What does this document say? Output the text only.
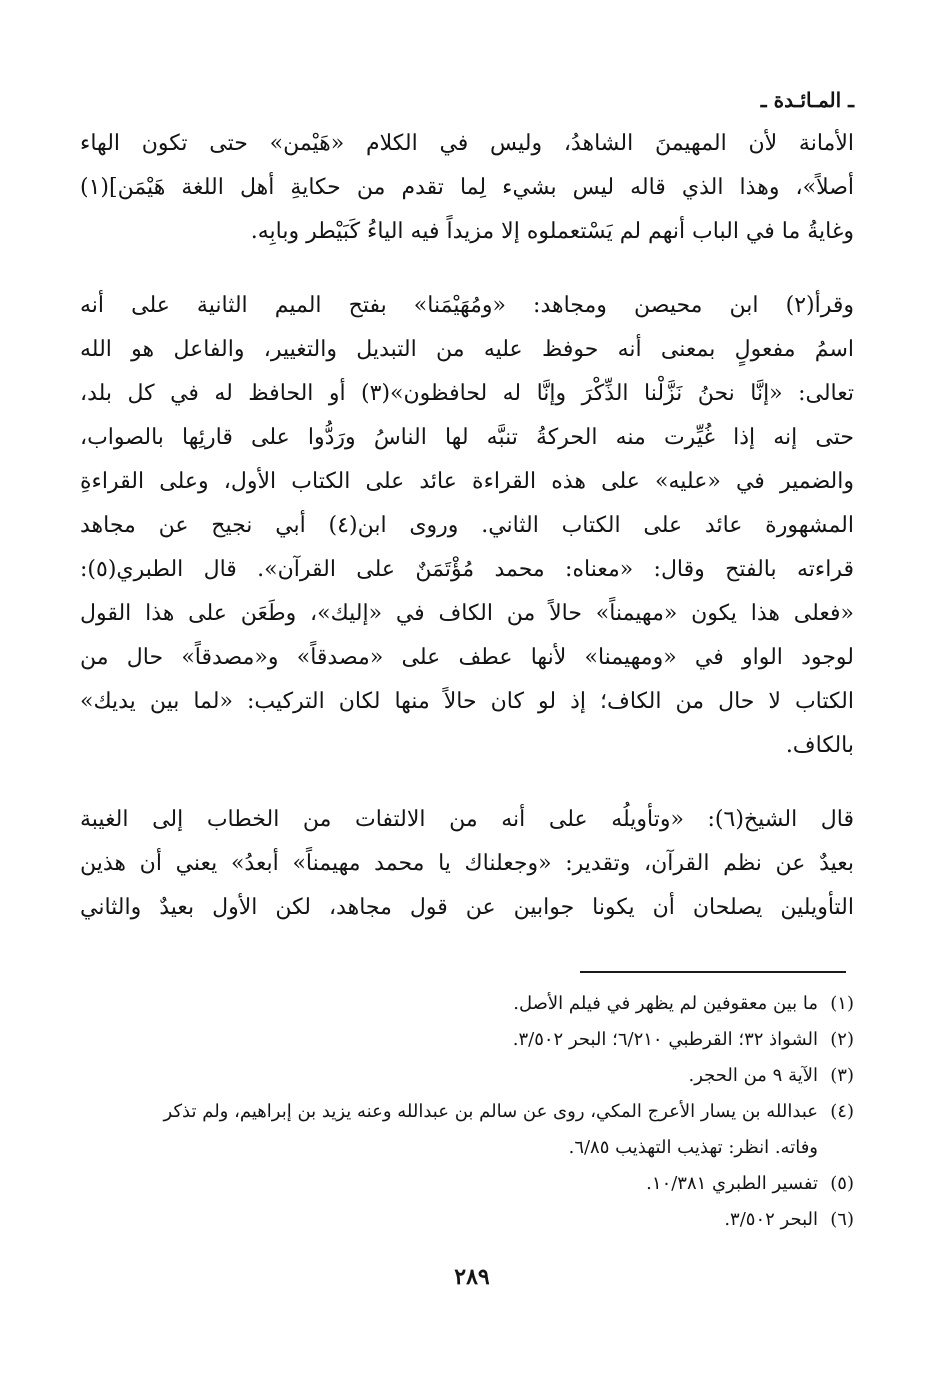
ـ المـائـدة ـ
الأمانة لأن المهيمنَ الشاهدُ، وليس في الكلام «هَيْمن» حتى تكون الهاء
أصلاً»، وهذا الذي قاله ليس بشيء لِما تقدم من حكايةِ أهل اللغة هَيْمَن](١)
وغايةُ ما في الباب أنهم لم يَسْتعملوه إلا مزيداً فيه الياءُ كَبَيْطر وبابِه.
وقرأ(٢) ابن محيصن ومجاهد: «ومُهَيْمَنا» بفتح الميم الثانية على أنه
اسمُ مفعولٍ بمعنى أنه حوفظ عليه من التبديل والتغيير، والفاعل هو الله
تعالى: «إنَّا نحنُ نَزَّلْنا الذِّكْرَ وإنَّا له لحافظون»(٣) أو الحافظ له في كل بلد،
حتى إنه إذا غُيِّرت منه الحركةُ تنبَّه لها الناسُ ورَدُّوا على قارئِها بالصواب،
والضمير في «عليه» على هذه القراءة عائد على الكتاب الأول، وعلى القراءةِ
المشهورة عائد على الكتاب الثاني. وروى ابن(٤) أبي نجيح عن مجاهد
قراءته بالفتح وقال: «معناه: محمد مُؤْتَمَنٌ على القرآن». قال الطبري(٥):
«فعلى هذا يكون «مهيمناً» حالاً من الكاف في «إليك»، وطَعَن على هذا القول
لوجود الواو في «ومهيمنا» لأنها عطف على «مصدقاً» و«مصدقاً» حال من
الكتاب لا حال من الكاف؛ إذ لو كان حالاً منها لكان التركيب: «لما بين يديك»
بالكاف.
قال الشيخ(٦): «وتأويلُه على أنه من الالتفات من الخطاب إلى الغيبة
بعيدٌ عن نظم القرآن، وتقدير: «وجعلناك يا محمد مهيمناً» أبعدُ» يعني أن هذين
التأويلين يصلحان أن يكونا جوابين عن قول مجاهد، لكن الأول بعيدٌ والثاني
(١)ما بين معقوفين لم يظهر في فيلم الأصل.
(٢)الشواذ ٣٢؛ القرطبي ٦/٢١٠؛ البحر ٣/٥٠٢.
(٣)الآية ٩ من الحجر.
(٤)عبدالله بن يسار الأعرج المكي، روى عن سالم بن عبدالله وعنه يزيد بن إبراهيم، ولم تذكر
وفاته. انظر: تهذيب التهذيب ٦/٨٥.
(٥)تفسير الطبري ١٠/٣٨١.
(٦)البحر ٣/٥٠٢.
٢٨٩
